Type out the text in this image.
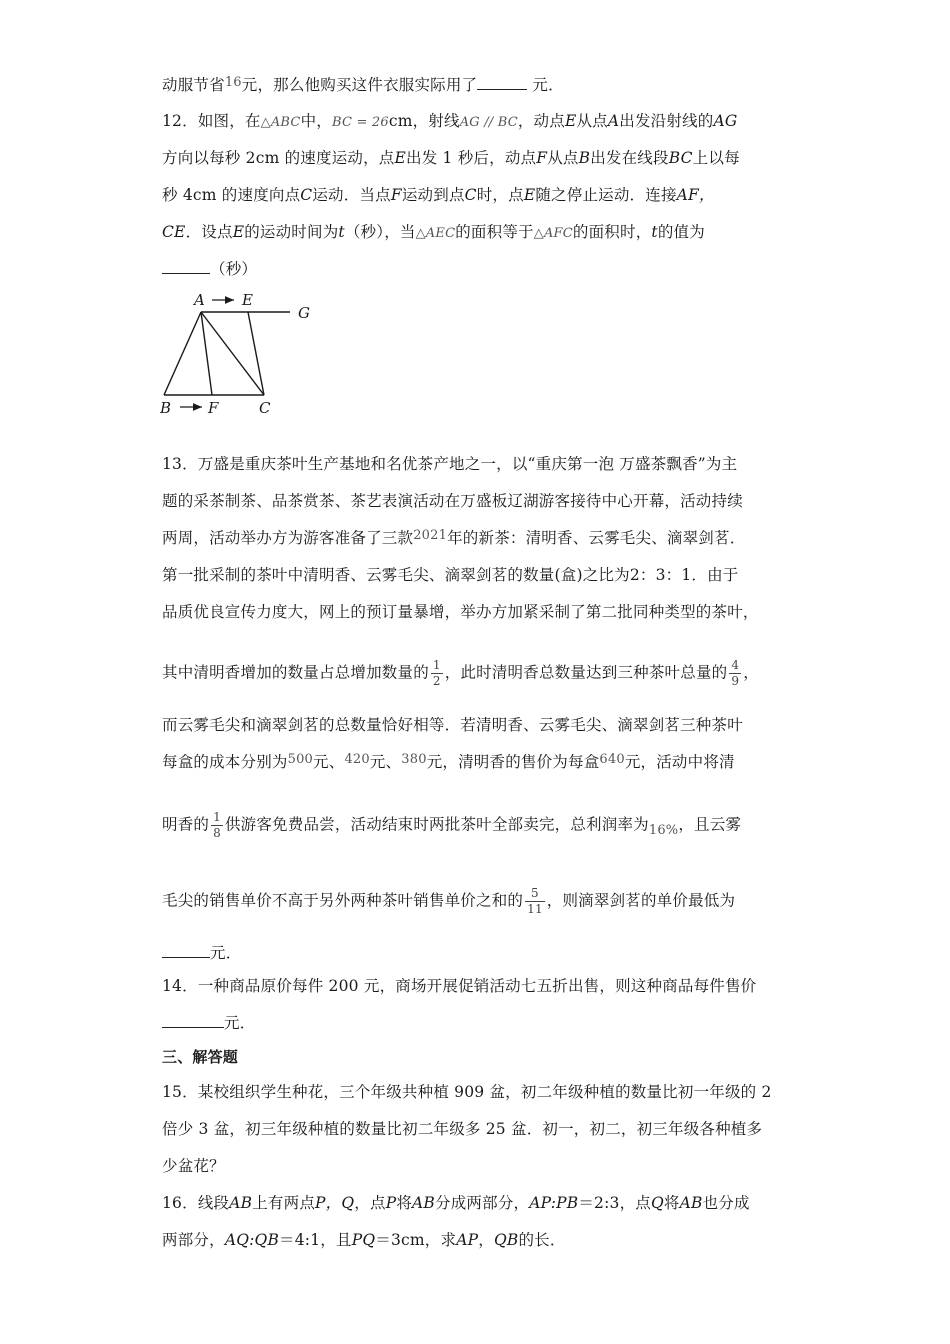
动服节省$^{16}$元，那么他购买这件衣服实际用了	元．
12．如图，在△ABC中，BC = 26cm，射线AG // BC，动点E从点A出发沿射线的AG
方向以每秒 2cm 的速度运动，点E出发 1 秒后，动点F从点B出发在线段BC上以每
秒 4cm 的速度向点C运动．当点F运动到点C时，点E随之停止运动．连接AF，
CE．设点E的运动时间为t（秒），当△AEC的面积等于△AFC的面积时，t的值为
（秒）
A E
G
B F	C
13．万盛是重庆茶叶生产基地和名优茶产地之一，以“重庆第一泡 万盛茶飘香”为主
题的采茶制茶、品茶赏茶、茶艺表演活动在万盛板辽湖游客接待中心开幕，活动持续
两周，活动举办方为游客准备了三款$^{2021}$年的新茶：清明香、云雾毛尖、滴翠剑茗．
第一批采制的茶叶中清明香、云雾毛尖、滴翠剑茗的数量(盒)之比为2：3：1．由于
品质优良宣传力度大，网上的预订量暴增，举办方加紧采制了第二批同种类型的茶叶，
其中清明香增加的数量占总增加数量的 $\frac{1}{2}$ ，此时清明香总数量达到三种茶叶总量的 $\frac{4}{9}$ ，
而云雾毛尖和滴翠剑茗的总数量恰好相等．若清明香、云雾毛尖、滴翠剑茗三种茶叶
每盒的成本分别为$^{500}$元、$^{420}$元、$^{380}$元，清明香的售价为每盒$^{640}$元，活动中将清
明香的 $\frac{1}{8}$ 供游客免费品尝，活动结束时两批茶叶全部卖完，总利润率为$_{16\%}$，且云雾
毛尖的销售单价不高于另外两种茶叶销售单价之和的 $\frac{5}{11}$ ，则滴翠剑茗的单价最低为
元．
14．一种商品原价每件 200 元，商场开展促销活动七五折出售，则这种商品每件售价
元．
三、解答题
15．某校组织学生种花，三个年级共种植 909 盆，初二年级种植的数量比初一年级的 2
倍少 3 盆，初三年级种植的数量比初二年级多 25 盆．初一，初二，初三年级各种植多
少盆花？
16．线段AB上有两点P，Q，点P将AB分成两部分，AP:PB＝2:3，点Q将AB也分成
两部分，AQ:QB＝4:1，且PQ＝3cm，求AP，QB的长．
